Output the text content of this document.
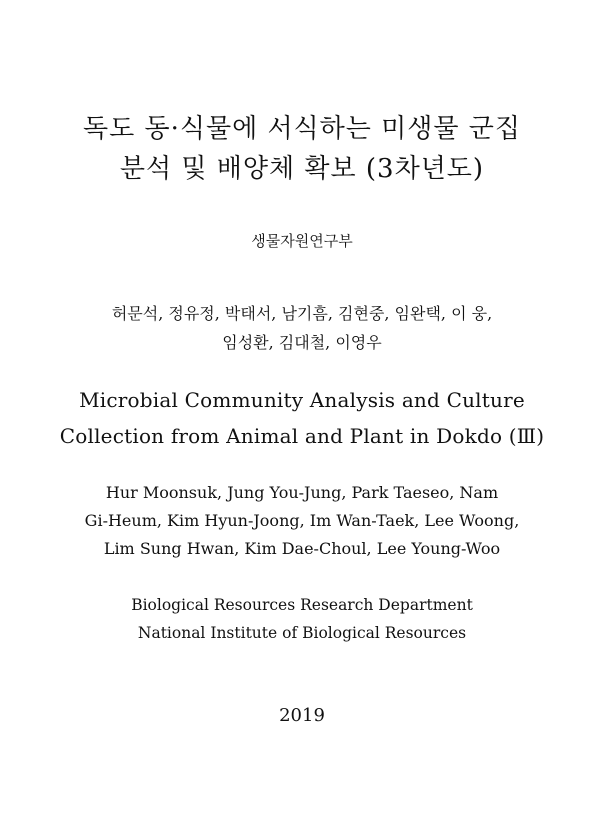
독도 동·식물에 서식하는 미생물 군집
분석 및 배양체 확보 (3차년도)
생물자원연구부
허문석, 정유정, 박태서, 남기흠, 김현중, 임완택, 이 웅,
임성환, 김대철, 이영우
Microbial Community Analysis and Culture
Collection from Animal and Plant in Dokdo (Ⅲ)
Hur Moonsuk, Jung You-Jung, Park Taeseo, Nam
Gi-Heum, Kim Hyun-Joong, Im Wan-Taek, Lee Woong,
Lim Sung Hwan, Kim Dae-Choul, Lee Young-Woo
Biological Resources Research Department
National Institute of Biological Resources
2019
